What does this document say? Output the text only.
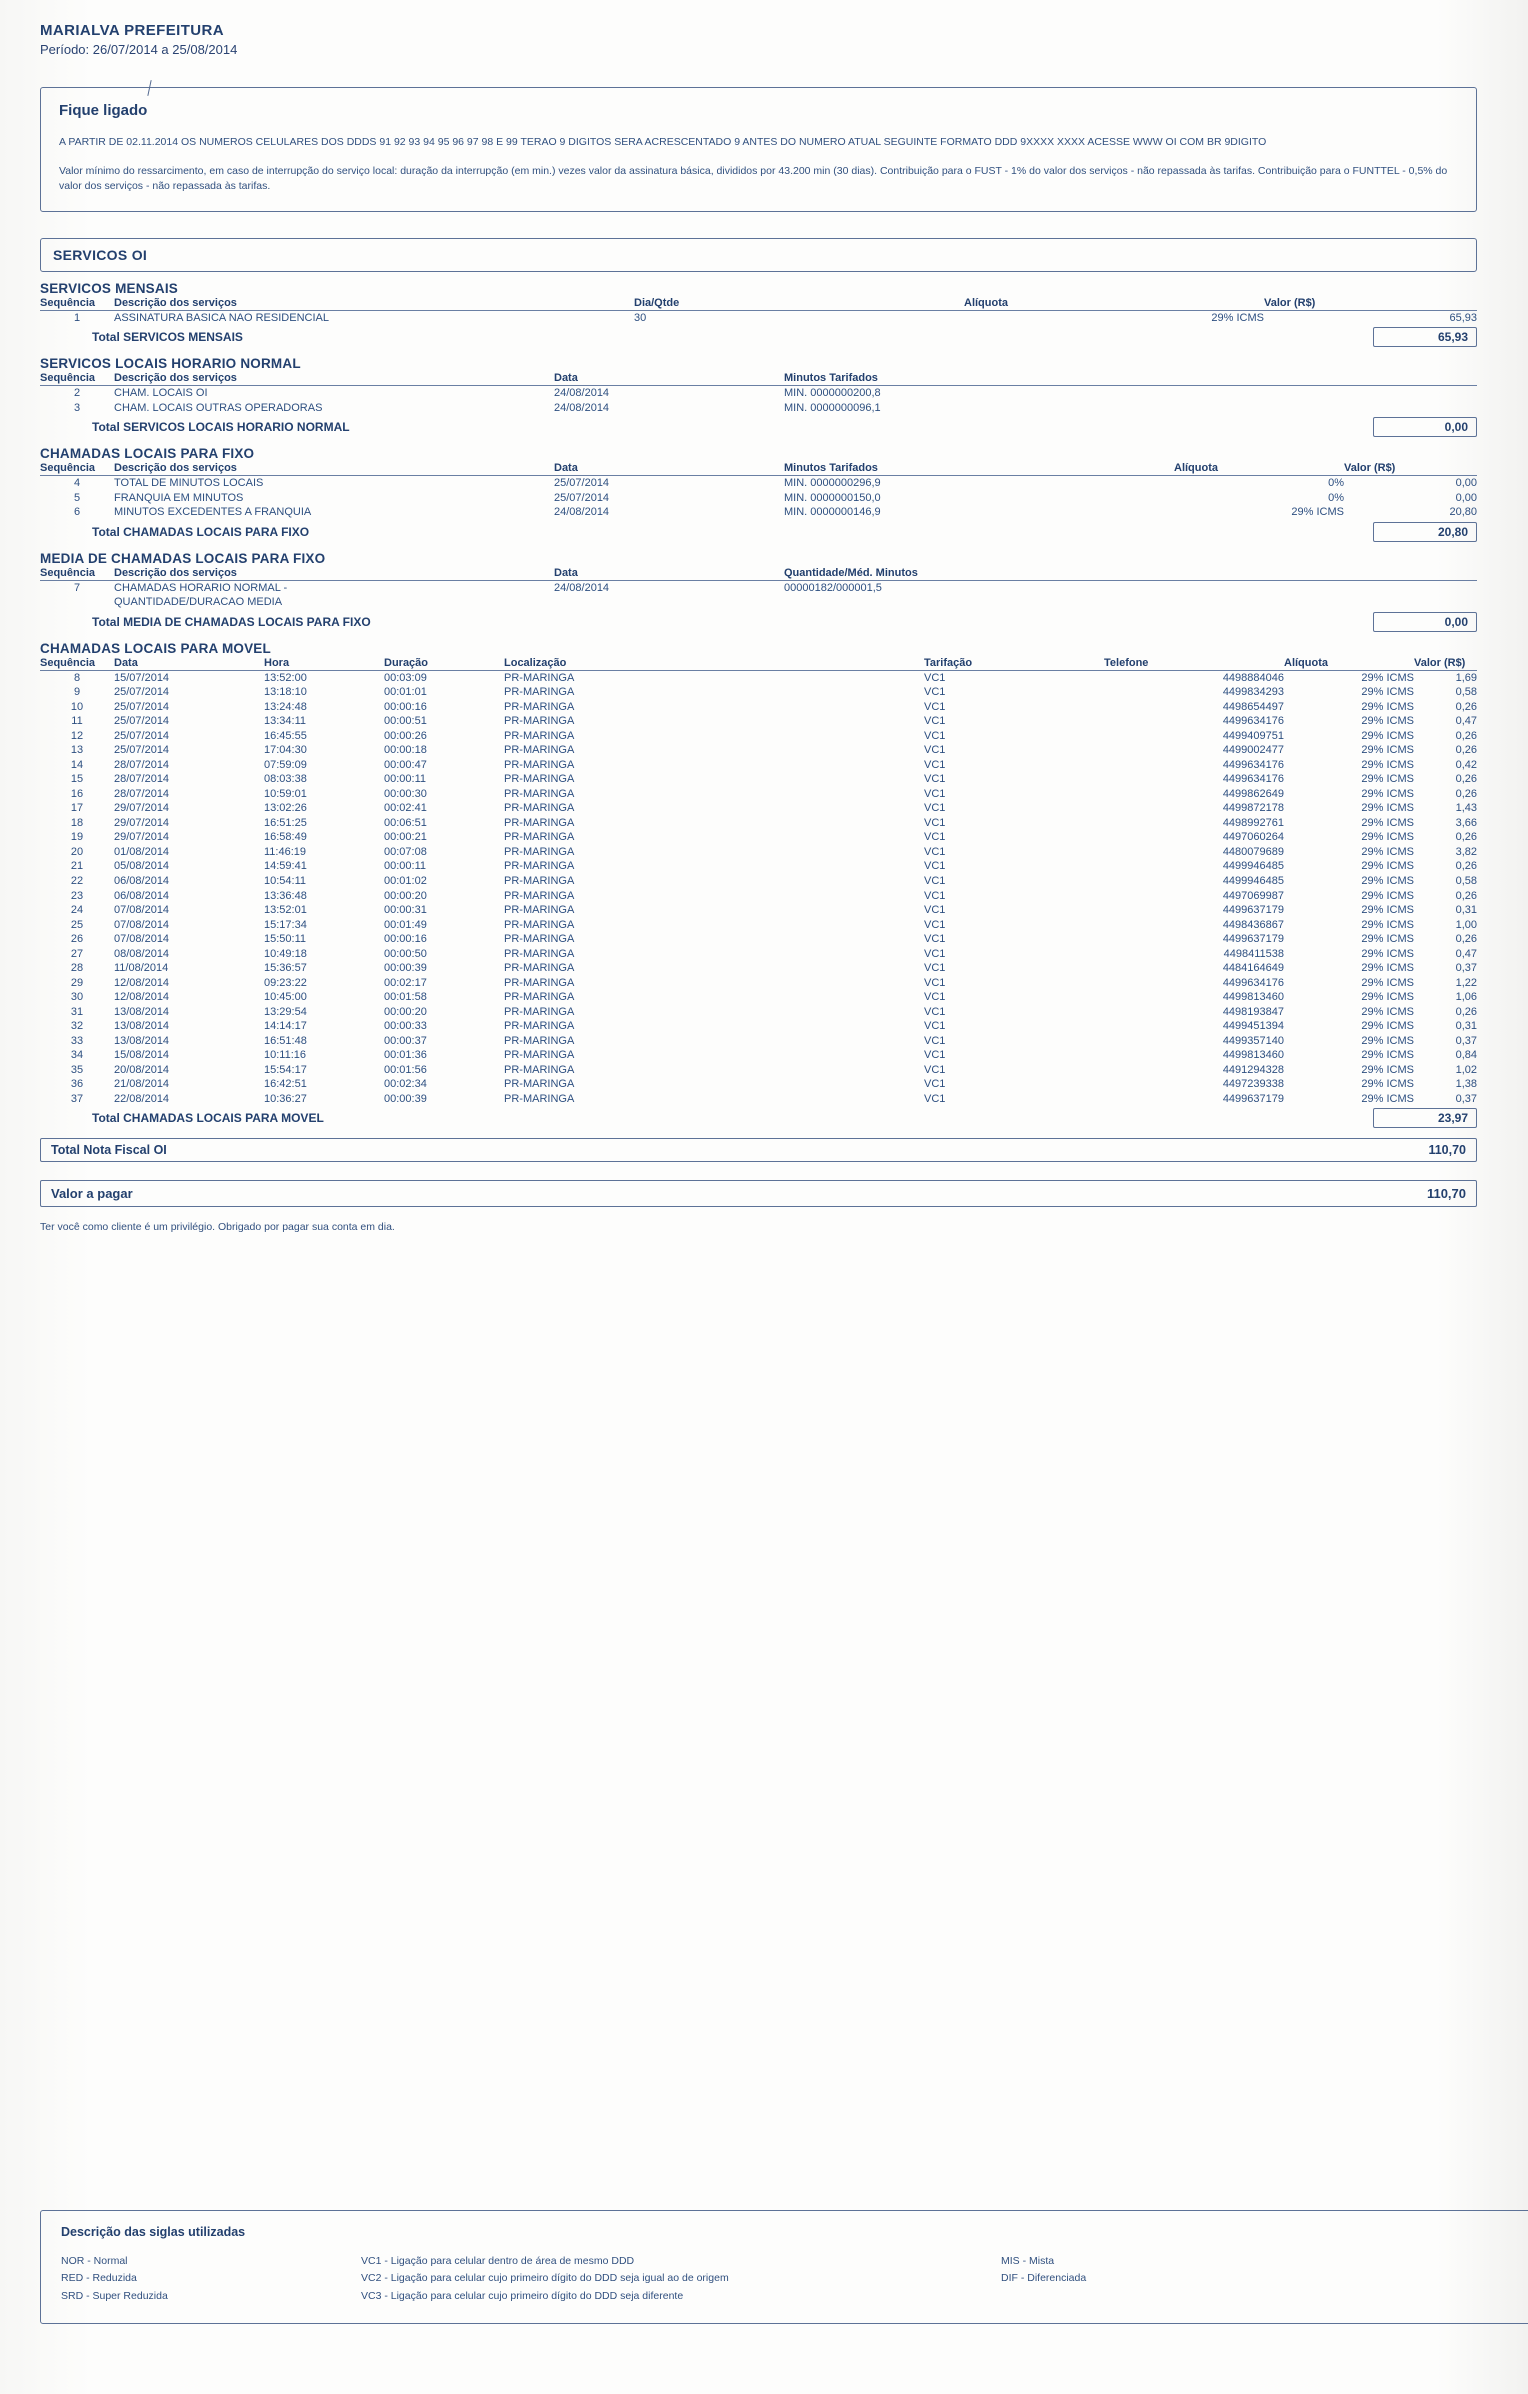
MARIALVA PREFEITURA
Período: 26/07/2014 a 25/08/2014
Fique ligado

A PARTIR DE 02.11.2014 OS NUMEROS CELULARES DOS DDDS 91 92 93 94 95 96 97 98 E 99 TERAO 9 DIGITOS SERA ACRESCENTADO 9 ANTES DO NUMERO ATUAL SEGUINTE FORMATO DDD 9XXXX XXXX ACESSE WWW OI COM BR 9DIGITO

Valor mínimo do ressarcimento, em caso de interrupção do serviço local: duração da interrupção (em min.) vezes valor da assinatura básica, divididos por 43.200 min (30 dias). Contribuição para o FUST - 1% do valor dos serviços - não repassada às tarifas. Contribuição para o FUNTTEL - 0,5% do valor dos serviços - não repassada às tarifas.

SERVICOS OI
SERVICOS MENSAIS
Sequência	Descrição dos serviços	Dia/Qtde	Alíquota	Valor (R$)
1	ASSINATURA BASICA NAO RESIDENCIAL	30	29% ICMS	65,93
Total SERVICOS MENSAIS	65,93
SERVICOS LOCAIS HORARIO NORMAL
Sequência	Descrição dos serviços	Data	Minutos Tarifados
2	CHAM. LOCAIS OI	24/08/2014	MIN. 0000000200,8
3	CHAM. LOCAIS OUTRAS OPERADORAS	24/08/2014	MIN. 0000000096,1
Total SERVICOS LOCAIS HORARIO NORMAL	0,00
CHAMADAS LOCAIS PARA FIXO
Sequência	Descrição dos serviços	Data	Minutos Tarifados	Alíquota	Valor (R$)
4	TOTAL DE MINUTOS LOCAIS	25/07/2014	MIN. 0000000296,9	0%	0,00
5	FRANQUIA EM MINUTOS	25/07/2014	MIN. 0000000150,0	0%	0,00
6	MINUTOS EXCEDENTES A FRANQUIA	24/08/2014	MIN. 0000000146,9	29% ICMS	20,80
Total CHAMADAS LOCAIS PARA FIXO	20,80
MEDIA DE CHAMADAS LOCAIS PARA FIXO
Sequência	Descrição dos serviços	Data	Quantidade/Méd. Minutos
7	CHAMADAS HORARIO NORMAL -	24/08/2014	00000182/000001,5
	QUANTIDADE/DURACAO MEDIA		
Total MEDIA DE CHAMADAS LOCAIS PARA FIXO	0,00
CHAMADAS LOCAIS PARA MOVEL
Sequência	Data	Hora	Duração	Localização	Tarifação	Telefone	Alíquota	Valor (R$)
8	15/07/2014	13:52:00	00:03:09	PR-MARINGA	VC1	4498884046	29% ICMS	1,69
9	25/07/2014	13:18:10	00:01:01	PR-MARINGA	VC1	4499834293	29% ICMS	0,58
10	25/07/2014	13:24:48	00:00:16	PR-MARINGA	VC1	4498654497	29% ICMS	0,26
11	25/07/2014	13:34:11	00:00:51	PR-MARINGA	VC1	4499634176	29% ICMS	0,47
12	25/07/2014	16:45:55	00:00:26	PR-MARINGA	VC1	4499409751	29% ICMS	0,26
13	25/07/2014	17:04:30	00:00:18	PR-MARINGA	VC1	4499002477	29% ICMS	0,26
14	28/07/2014	07:59:09	00:00:47	PR-MARINGA	VC1	4499634176	29% ICMS	0,42
15	28/07/2014	08:03:38	00:00:11	PR-MARINGA	VC1	4499634176	29% ICMS	0,26
16	28/07/2014	10:59:01	00:00:30	PR-MARINGA	VC1	4499862649	29% ICMS	0,26
17	29/07/2014	13:02:26	00:02:41	PR-MARINGA	VC1	4499872178	29% ICMS	1,43
18	29/07/2014	16:51:25	00:06:51	PR-MARINGA	VC1	4498992761	29% ICMS	3,66
19	29/07/2014	16:58:49	00:00:21	PR-MARINGA	VC1	4497060264	29% ICMS	0,26
20	01/08/2014	11:46:19	00:07:08	PR-MARINGA	VC1	4480079689	29% ICMS	3,82
21	05/08/2014	14:59:41	00:00:11	PR-MARINGA	VC1	4499946485	29% ICMS	0,26
22	06/08/2014	10:54:11	00:01:02	PR-MARINGA	VC1	4499946485	29% ICMS	0,58
23	06/08/2014	13:36:48	00:00:20	PR-MARINGA	VC1	4497069987	29% ICMS	0,26
24	07/08/2014	13:52:01	00:00:31	PR-MARINGA	VC1	4499637179	29% ICMS	0,31
25	07/08/2014	15:17:34	00:01:49	PR-MARINGA	VC1	4498436867	29% ICMS	1,00
26	07/08/2014	15:50:11	00:00:16	PR-MARINGA	VC1	4499637179	29% ICMS	0,26
27	08/08/2014	10:49:18	00:00:50	PR-MARINGA	VC1	4498411538	29% ICMS	0,47
28	11/08/2014	15:36:57	00:00:39	PR-MARINGA	VC1	4484164649	29% ICMS	0,37
29	12/08/2014	09:23:22	00:02:17	PR-MARINGA	VC1	4499634176	29% ICMS	1,22
30	12/08/2014	10:45:00	00:01:58	PR-MARINGA	VC1	4499813460	29% ICMS	1,06
31	13/08/2014	13:29:54	00:00:20	PR-MARINGA	VC1	4498193847	29% ICMS	0,26
32	13/08/2014	14:14:17	00:00:33	PR-MARINGA	VC1	4499451394	29% ICMS	0,31
33	13/08/2014	16:51:48	00:00:37	PR-MARINGA	VC1	4499357140	29% ICMS	0,37
34	15/08/2014	10:11:16	00:01:36	PR-MARINGA	VC1	4499813460	29% ICMS	0,84
35	20/08/2014	15:54:17	00:01:56	PR-MARINGA	VC1	4491294328	29% ICMS	1,02
36	21/08/2014	16:42:51	00:02:34	PR-MARINGA	VC1	4497239338	29% ICMS	1,38
37	22/08/2014	10:36:27	00:00:39	PR-MARINGA	VC1	4499637179	29% ICMS	0,37
Total CHAMADAS LOCAIS PARA MOVEL	23,97
Total Nota Fiscal OI	110,70
Valor a pagar	110,70
Ter você como cliente é um privilégio. Obrigado por pagar sua conta em dia.
Descrição das siglas utilizadas
NOR - Normal
RED - Reduzida
SRD - Super Reduzida
VC1 - Ligação para celular dentro de área de mesmo DDD
VC2 - Ligação para celular cujo primeiro dígito do DDD seja igual ao de origem
VC3 - Ligação para celular cujo primeiro dígito do DDD seja diferente
MIS - Mista
DIF - Diferenciada
